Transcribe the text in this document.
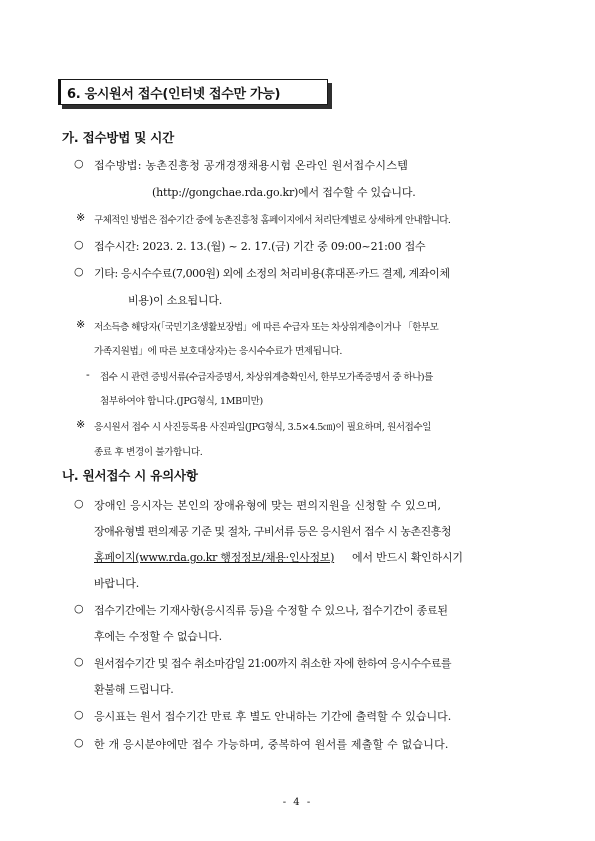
6. 응시원서 접수(인터넷 접수만 가능)
가. 접수방법 및 시간
○ 접수방법: 농촌진흥청 공개경쟁채용시험 온라인 원서접수시스템
(http://gongchae.rda.go.kr)에서 접수할 수 있습니다.
※ 구체적인 방법은 접수기간 중에 농촌진흥청 홈페이지에서 처리단계별로 상세하게 안내합니다.
○ 접수시간: 2023. 2. 13.(월) ~ 2. 17.(금) 기간 중 09:00~21:00 접수
○ 기타: 응시수수료(7,000원) 외에 소정의 처리비용(휴대폰·카드 결제, 계좌이체
비용)이 소요됩니다.
※ 저소득층 해당자(「국민기초생활보장법」에 따른 수급자 또는 차상위계층이거나 「한부모
가족지원법」에 따른 보호대상자)는 응시수수료가 면제됩니다.
- 접수 시 관련 증빙서류(수급자증명서, 차상위계층확인서, 한부모가족증명서 중 하나)를
첨부하여야 합니다.(JPG형식, 1MB미만)
※ 응시원서 접수 시 사진등록용 사진파일(JPG형식, 3.5×4.5㎝)이 필요하며, 원서접수일
종료 후 변경이 불가합니다.
나. 원서접수 시 유의사항
○ 장애인 응시자는 본인의 장애유형에 맞는 편의지원을 신청할 수 있으며,
장애유형별 편의제공 기준 및 절차, 구비서류 등은 응시원서 접수 시 농촌진흥청
홈페이지(www.rda.go.kr 행정정보/채용·인사정보) 에서 반드시 확인하시기
바랍니다.
○ 접수기간에는 기재사항(응시직류 등)을 수정할 수 있으나, 접수기간이 종료된
후에는 수정할 수 없습니다.
○ 원서접수기간 및 접수 취소마감일 21:00까지 취소한 자에 한하여 응시수수료를
환불해 드립니다.
○ 응시표는 원서 접수기간 만료 후 별도 안내하는 기간에 출력할 수 있습니다.
○ 한 개 응시분야에만 접수 가능하며, 중복하여 원서를 제출할 수 없습니다.
- 4 -
